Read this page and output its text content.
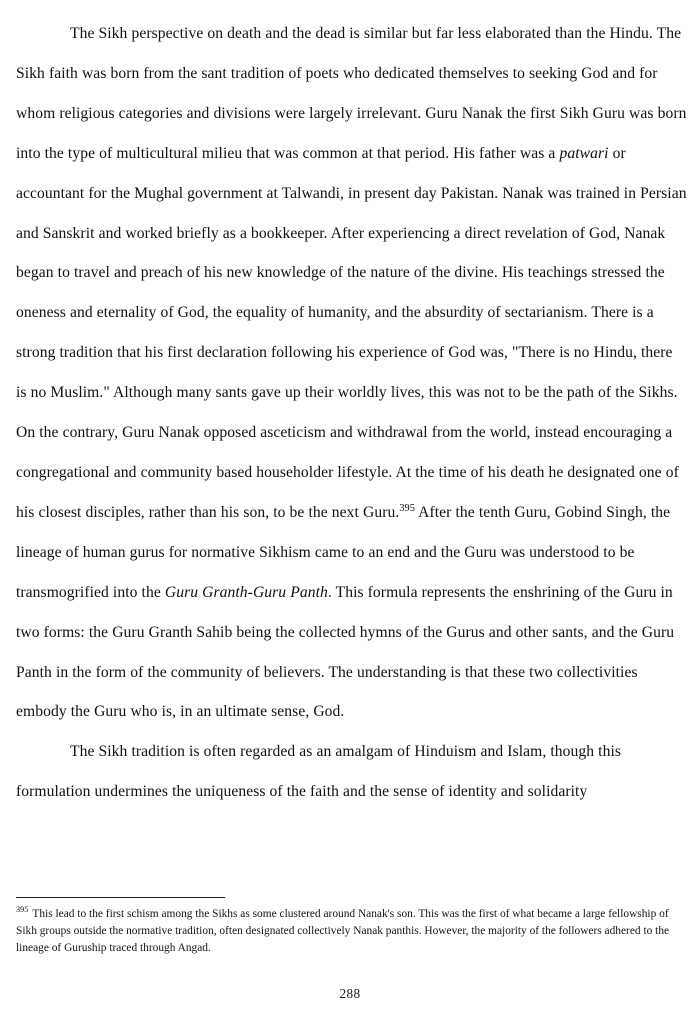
The Sikh perspective on death and the dead is similar but far less elaborated than the Hindu. The Sikh faith was born from the sant tradition of poets who dedicated themselves to seeking God and for whom religious categories and divisions were largely irrelevant. Guru Nanak the first Sikh Guru was born into the type of multicultural milieu that was common at that period. His father was a patwari or accountant for the Mughal government at Talwandi, in present day Pakistan. Nanak was trained in Persian and Sanskrit and worked briefly as a bookkeeper. After experiencing a direct revelation of God, Nanak began to travel and preach of his new knowledge of the nature of the divine. His teachings stressed the oneness and eternality of God, the equality of humanity, and the absurdity of sectarianism. There is a strong tradition that his first declaration following his experience of God was, "There is no Hindu, there is no Muslim." Although many sants gave up their worldly lives, this was not to be the path of the Sikhs. On the contrary, Guru Nanak opposed asceticism and withdrawal from the world, instead encouraging a congregational and community based householder lifestyle. At the time of his death he designated one of his closest disciples, rather than his son, to be the next Guru.$^{395}$ After the tenth Guru, Gobind Singh, the lineage of human gurus for normative Sikhism came to an end and the Guru was understood to be transmogrified into the Guru Granth-Guru Panth. This formula represents the enshrining of the Guru in two forms: the Guru Granth Sahib being the collected hymns of the Gurus and other sants, and the Guru Panth in the form of the community of believers. The understanding is that these two collectivities embody the Guru who is, in an ultimate sense, God.

The Sikh tradition is often regarded as an amalgam of Hinduism and Islam, though this formulation undermines the uniqueness of the faith and the sense of identity and solidarity

$^{395}$ This lead to the first schism among the Sikhs as some clustered around Nanak's son. This was the first of what became a large fellowship of Sikh groups outside the normative tradition, often designated collectively Nanak panthis. However, the majority of the followers adhered to the lineage of Guruship traced through Angad.
288
